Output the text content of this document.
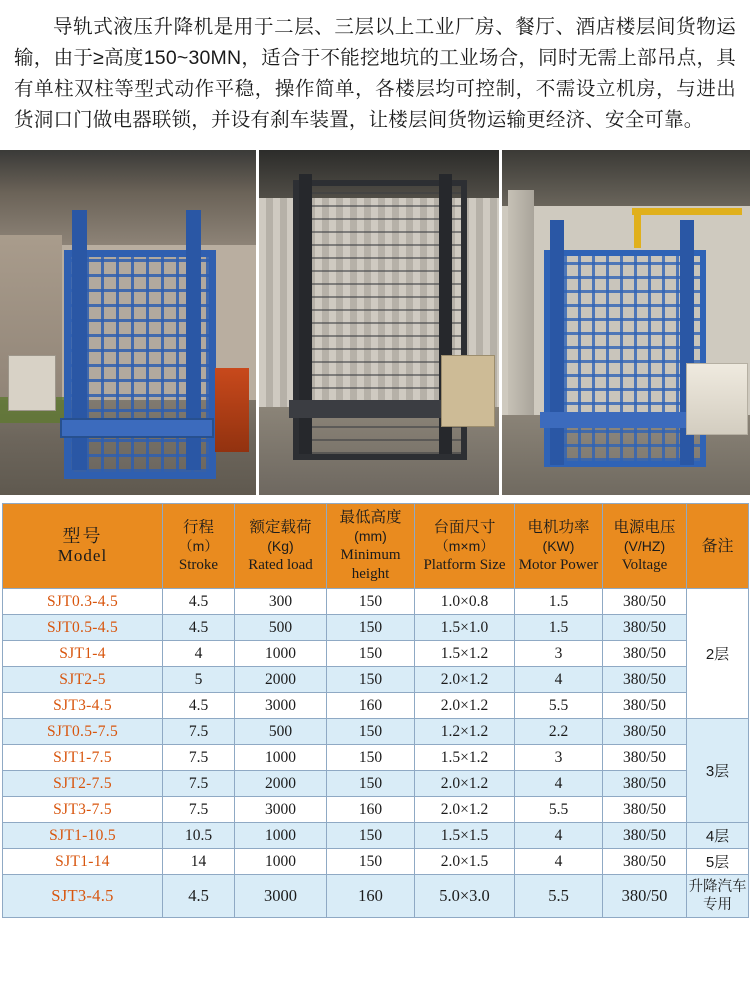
导轨式液压升降机是用于二层、三层以上工业厂房、餐厅、酒店楼层间货物运输，由于≥高度150~30MN，适合于不能挖地坑的工业场合，同时无需上部吊点，具有单柱双柱等型式动作平稳，操作简单，各楼层均可控制，不需设立机房，与进出货洞口门做电器联锁，并设有刹车装置，让楼层间货物运输更经济、安全可靠。
型号
Model	行程
（m）
Stroke	额定载荷
(Kg)
Rated load	最低高度
(mm)
Minimum height	台面尺寸
（m×m）
Platform Size	电机功率
(KW)
Motor Power	电源电压
(V/HZ)
Voltage	备注

SJT0.3-4.5	4.5	300	150	1.0×0.8	1.5	380/50	2层
SJT0.5-4.5	4.5	500	150	1.5×1.0	1.5	380/50	
SJT1-4	4	1000	150	1.5×1.2	3	380/50	
SJT2-5	5	2000	150	2.0×1.2	4	380/50	
SJT3-4.5	4.5	3000	160	2.0×1.2	5.5	380/50	
SJT0.5-7.5	7.5	500	150	1.2×1.2	2.2	380/50	3层
SJT1-7.5	7.5	1000	150	1.5×1.2	3	380/50	
SJT2-7.5	7.5	2000	150	2.0×1.2	4	380/50	
SJT3-7.5	7.5	3000	160	2.0×1.2	5.5	380/50	
SJT1-10.5	10.5	1000	150	1.5×1.5	4	380/50	4层
SJT1-14	14	1000	150	2.0×1.5	4	380/50	5层
SJT3-4.5	4.5	3000	160	5.0×3.0	5.5	380/50	升降汽车专用
